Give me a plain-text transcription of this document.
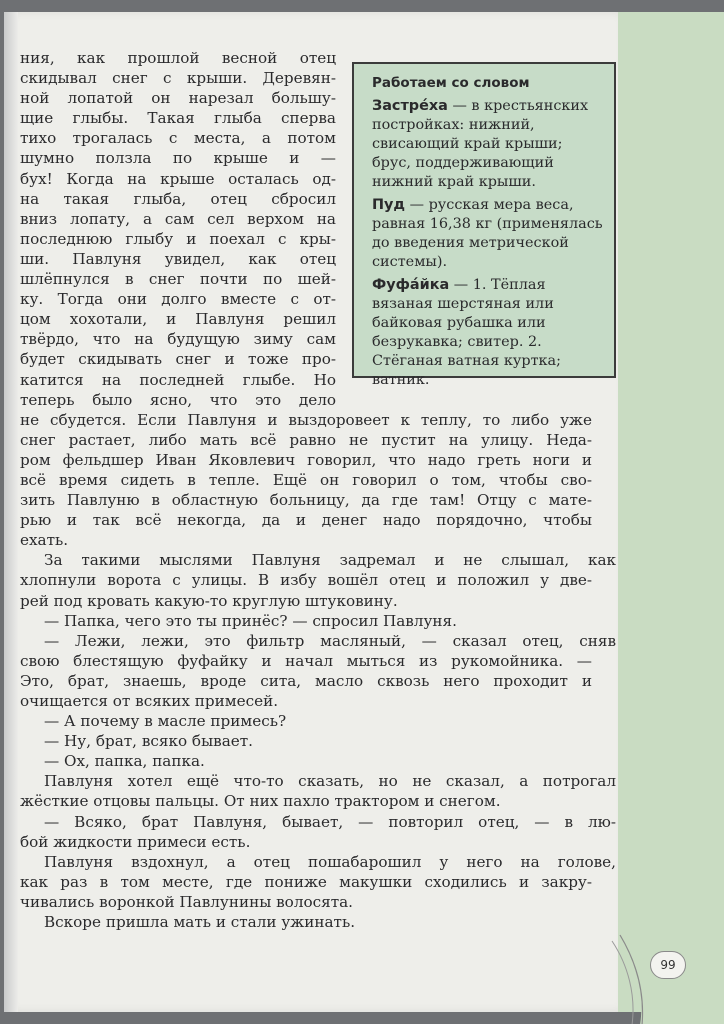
ния, как прошлой весной отец
скидывал снег с крыши. Деревян-
ной лопатой он нарезал большу-
щие глыбы. Такая глыба сперва
тихо трогалась с места, а потом
шумно ползла по крыше и —
бух! Когда на крыше осталась од-
на такая глыба, отец сбросил
вниз лопату, а сам сел верхом на
последнюю глыбу и поехал с кры-
ши. Павлуня увидел, как отец
шлёпнулся в снег почти по шей-
ку. Тогда они долго вместе с от-
цом хохотали, и Павлуня решил
твёрдо, что на будущую зиму сам
будет скидывать снег и тоже про-
катится на последней глыбе. Но
теперь было ясно, что это дело
не сбудется. Если Павлуня и выздоровеет к теплу, то либо уже
снег растает, либо мать всё равно не пустит на улицу. Неда-
ром фельдшер Иван Яковлевич говорил, что надо греть ноги и
всё время сидеть в тепле. Ещё он говорил о том, чтобы сво-
зить Павлуню в областную больницу, да где там! Отцу с мате-
рью и так всё некогда, да и денег надо порядочно, чтобы
ехать.
За такими мыслями Павлуня задремал и не слышал, как
хлопнули ворота с улицы. В избу вошёл отец и положил у две-
рей под кровать какую-то круглую штуковину.
— Папка, чего это ты принёс? — спросил Павлуня.
— Лежи, лежи, это фильтр масляный, — сказал отец, сняв
свою блестящую фуфайку и начал мыться из рукомойника. —
Это, брат, знаешь, вроде сита, масло сквозь него проходит и
очищается от всяких примесей.
— А почему в масле примесь?
— Ну, брат, всяко бывает.
— Ох, папка, папка.
Павлуня хотел ещё что-то сказать, но не сказал, а потрогал
жёсткие отцовы пальцы. От них пахло трактором и снегом.
— Всяко, брат Павлуня, бывает, — повторил отец, — в лю-
бой жидкости примеси есть.
Павлуня вздохнул, а отец пошабарошил у него на голове,
как раз в том месте, где пониже макушки сходились и закру-
чивались воронкой Павлунины волосята.
Вскоре пришла мать и стали ужинать.
Работаем со словом
Застре́ха — в крестьянских постройках: нижний, свисающий край крыши; брус, поддерживающий нижний край крыши.
Пуд — русская мера веса, равная 16,38 кг (применялась до введения метрической системы).
Фуфа́йка — 1. Тёплая вязаная шерстяная или байковая рубашка или безрукавка; свитер. 2. Стёганая ватная куртка; ватник.
99
